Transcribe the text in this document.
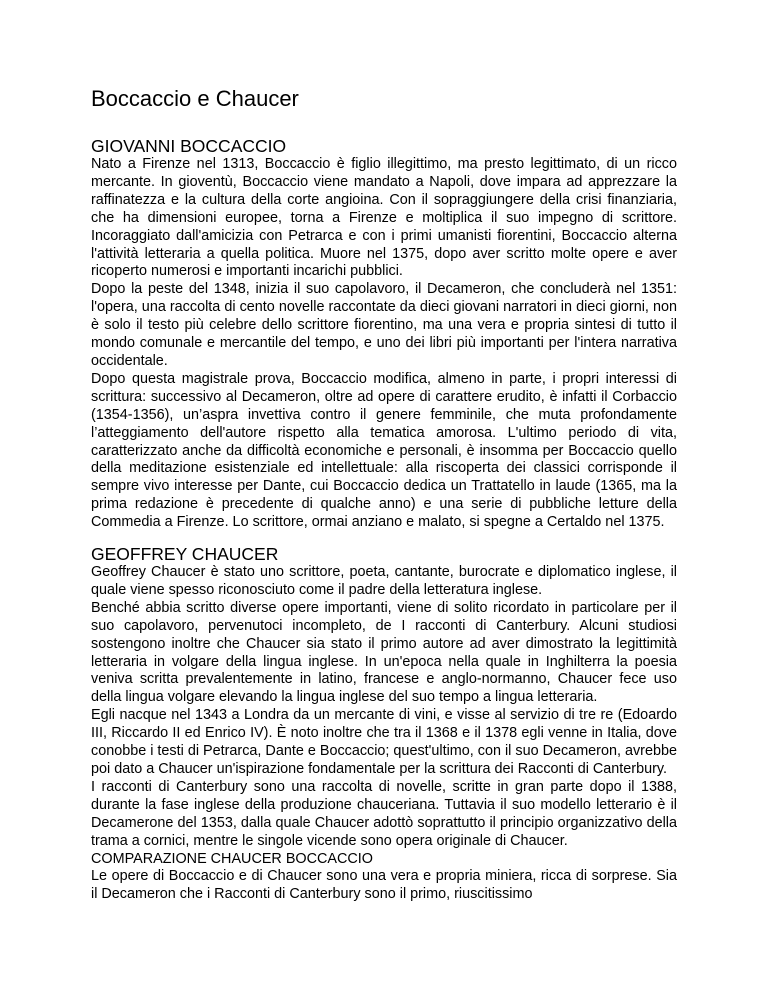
Boccaccio e Chaucer
GIOVANNI BOCCACCIO

Nato a Firenze nel 1313, Boccaccio è figlio illegittimo, ma presto legittimato, di un ricco mercante. In gioventù, Boccaccio viene mandato a Napoli, dove impara ad apprezzare la raffinatezza e la cultura della corte angioina. Con il sopraggiungere della crisi finanziaria, che ha dimensioni europee, torna a Firenze e moltiplica il suo impegno di scrittore. Incoraggiato dall'amicizia con Petrarca e con i primi umanisti fiorentini, Boccaccio alterna l'attività letteraria a quella politica. Muore nel 1375, dopo aver scritto molte opere e aver ricoperto numerosi e importanti incarichi pubblici.

Dopo la peste del 1348, inizia il suo capolavoro, il Decameron, che concluderà nel 1351: l'opera, una raccolta di cento novelle raccontate da dieci giovani narratori in dieci giorni, non è solo il testo più celebre dello scrittore fiorentino, ma una vera e propria sintesi di tutto il mondo comunale e mercantile del tempo, e uno dei libri più importanti per l'intera narrativa occidentale.

Dopo questa magistrale prova, Boccaccio modifica, almeno in parte, i propri interessi di scrittura: successivo al Decameron, oltre ad opere di carattere erudito, è infatti il Corbaccio (1354-1356), un’aspra invettiva contro il genere femminile, che muta profondamente l’atteggiamento dell'autore rispetto alla tematica amorosa. L'ultimo periodo di vita, caratterizzato anche da difficoltà economiche e personali, è insomma per Boccaccio quello della meditazione esistenziale ed intellettuale: alla riscoperta dei classici corrisponde il sempre vivo interesse per Dante, cui Boccaccio dedica un Trattatello in laude (1365, ma la prima redazione è precedente di qualche anno) e una serie di pubbliche letture della Commedia a Firenze. Lo scrittore, ormai anziano e malato, si spegne a Certaldo nel 1375.

GEOFFREY CHAUCER

Geoffrey Chaucer è stato uno scrittore, poeta, cantante, burocrate e diplomatico inglese, il quale viene spesso riconosciuto come il padre della letteratura inglese.

Benché abbia scritto diverse opere importanti, viene di solito ricordato in particolare per il suo capolavoro, pervenutoci incompleto, de I racconti di Canterbury. Alcuni studiosi sostengono inoltre che Chaucer sia stato il primo autore ad aver dimostrato la legittimità letteraria in volgare della lingua inglese. In un'epoca nella quale in Inghilterra la poesia veniva scritta prevalentemente in latino, francese e anglo-normanno, Chaucer fece uso della lingua volgare elevando la lingua inglese del suo tempo a lingua letteraria.

Egli nacque nel 1343 a Londra da un mercante di vini, e visse al servizio di tre re (Edoardo III, Riccardo II ed Enrico IV). È noto inoltre che tra il 1368 e il 1378 egli venne in Italia, dove conobbe i testi di Petrarca, Dante e Boccaccio; quest'ultimo, con il suo Decameron, avrebbe poi dato a Chaucer un'ispirazione fondamentale per la scrittura dei Racconti di Canterbury.

I racconti di Canterbury sono una raccolta di novelle, scritte in gran parte dopo il 1388, durante la fase inglese della produzione chauceriana. Tuttavia il suo modello letterario è il Decamerone del 1353, dalla quale Chaucer adottò soprattutto il principio organizzativo della trama a cornici, mentre le singole vicende sono opera originale di Chaucer.

COMPARAZIONE CHAUCER BOCCACCIO

Le opere di Boccaccio e di Chaucer sono una vera e propria miniera, ricca di sorprese. Sia il Decameron che i Racconti di Canterbury sono il primo, riuscitissimo
